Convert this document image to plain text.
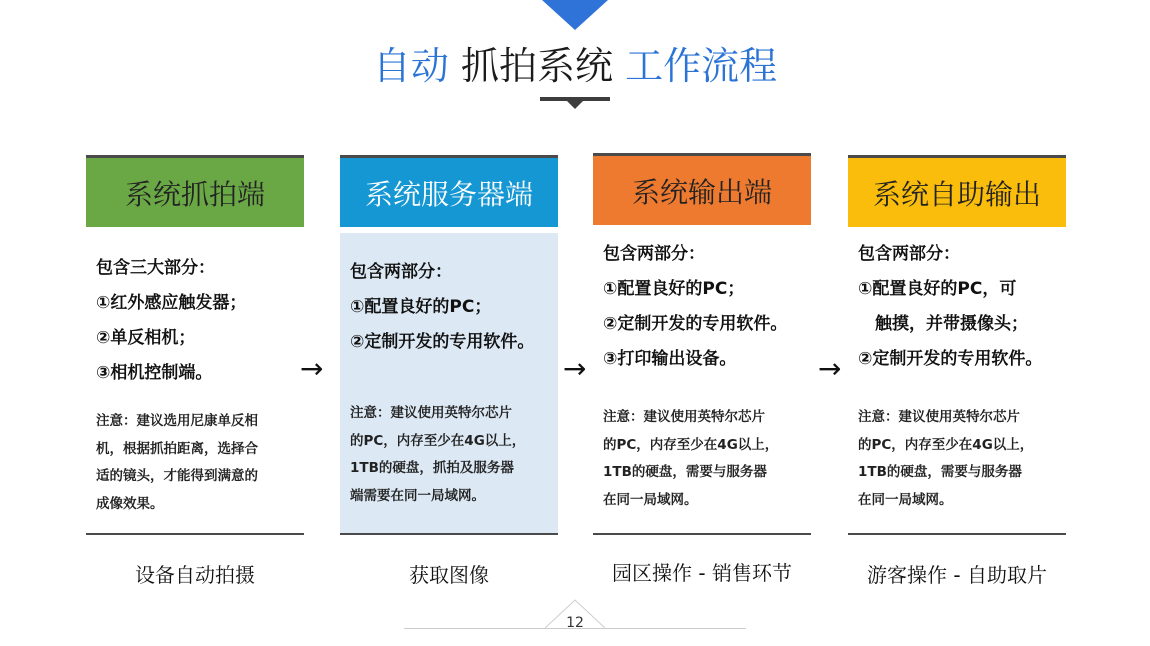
自动 抓拍系统 工作流程
系统抓拍端
包含三大部分：
①红外感应触发器；
②单反相机；
③相机控制端。
注意：建议选用尼康单反相
机，根据抓拍距离，选择合
适的镜头，才能得到满意的
成像效果。
设备自动拍摄
→
系统服务器端
包含两部分：
①配置良好的PC；
②定制开发的专用软件。
注意：建议使用英特尔芯片
的PC，内存至少在4G以上，
1TB的硬盘，抓拍及服务器
端需要在同一局域网。
获取图像
→
系统输出端
包含两部分：
①配置良好的PC；
②定制开发的专用软件。
③打印输出设备。
注意：建议使用英特尔芯片
的PC，内存至少在4G以上，
1TB的硬盘，需要与服务器
在同一局域网。
园区操作 - 销售环节
→
系统自助输出
包含两部分：
①配置良好的PC，可
　触摸，并带摄像头；
②定制开发的专用软件。
注意：建议使用英特尔芯片
的PC，内存至少在4G以上，
1TB的硬盘，需要与服务器
在同一局域网。
游客操作 - 自助取片
12
